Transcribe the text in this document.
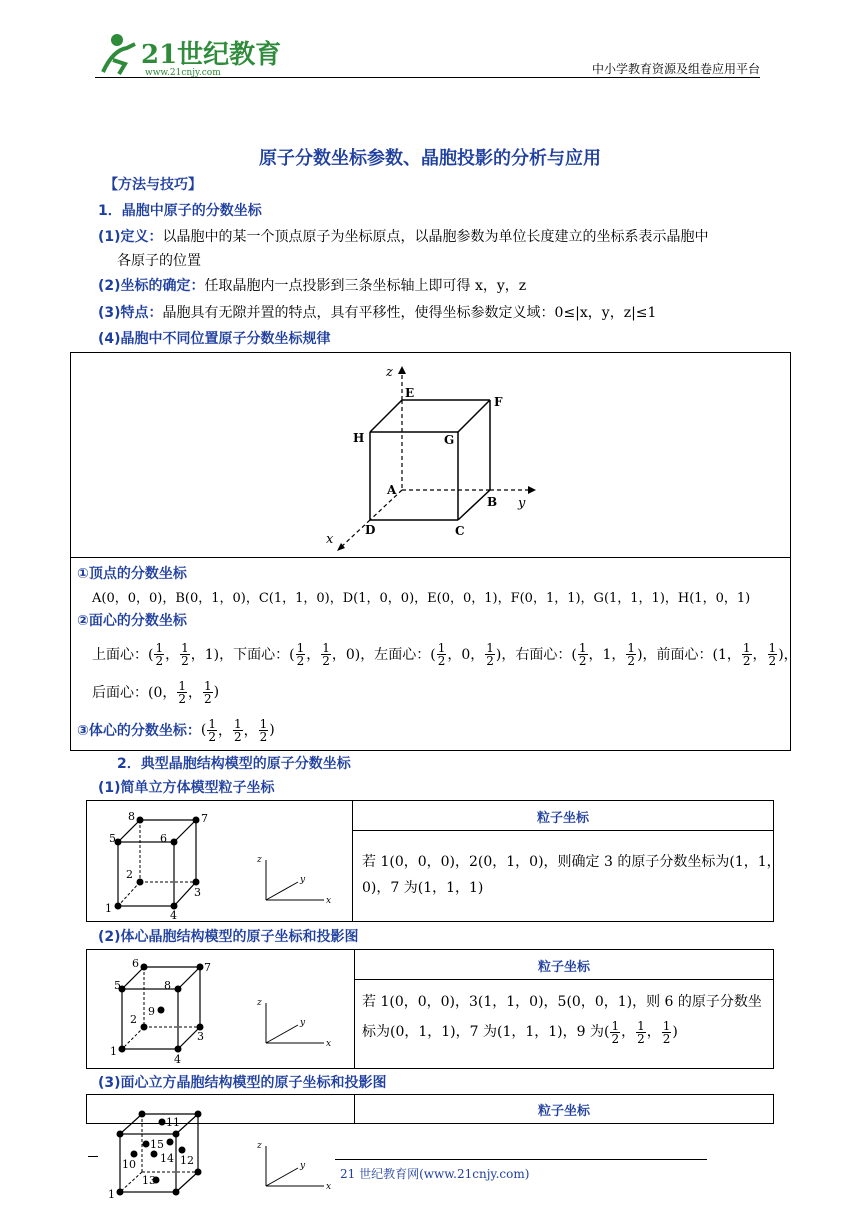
21世纪教育
www.21cnjy.com	中小学教育资源及组卷应用平台
原子分数坐标参数、晶胞投影的分析与应用
【方法与技巧】
1．晶胞中原子的分数坐标
(1)定义：以晶胞中的某一个顶点原子为坐标原点，以晶胞参数为单位长度建立的坐标系表示晶胞中
各原子的位置
(2)坐标的确定：任取晶胞内一点投影到三条坐标轴上即可得 x，y，z
(3)特点：晶胞具有无隙并置的特点，具有平移性，使得坐标参数定义域：0≤|x，y，z|≤1
(4)晶胞中不同位置原子分数坐标规律
z
y
x
E
F
H	G
A
B
D	C
①顶点的分数坐标
A(0，0，0)，B(0，1，0)，C(1，1，0)，D(1，0，0)，E(0，0，1)，F(0，1，1)，G(1，1，1)，H(1，0，1)
②面心的分数坐标
上面心：( $\frac{1}{2}$ ， $\frac{1}{2}$ ，1)，下面心：( $\frac{1}{2}$ ， $\frac{1}{2}$ ，0)，左面心：( $\frac{1}{2}$ ，0， $\frac{1}{2}$ )，右面心：( $\frac{1}{2}$ ，1， $\frac{1}{2}$ )，前面心：(1， $\frac{1}{2}$ ， $\frac{1}{2}$ )，
后面心：(0， $\frac{1}{2}$ ， $\frac{1}{2}$ )
③体心的分数坐标： ( $\frac{1}{2}$ ， $\frac{1}{2}$ ， $\frac{1}{2}$ )
2．典型晶胞结构模型的原子分数坐标
(1)简单立方体模型粒子坐标
粒子坐标
若 1(0，0，0)，2(0，1，0)，则确定 3 的原子分数坐标为(1，1，
0)，7 为(1，1，1)
1
2
3
4
5	6
7
8
z
y
x
(2)体心晶胞结构模型的原子坐标和投影图
粒子坐标
若 1(0，0，0)，3(1，1，0)，5(0，0，1)，则 6 的原子分数坐
标为(0，1，1)，7 为(1，1，1)，9 为( $\frac{1}{2}$ ， $\frac{1}{2}$ ， $\frac{1}{2}$ )
1
2
3
4
5
6	7
8
9
z
y
x
(3)面心立方晶胞结构模型的原子坐标和投影图
粒子坐标
1
10
11
12
13
14
15	z
y
x
21 世纪教育网(www.21cnjy.com)
